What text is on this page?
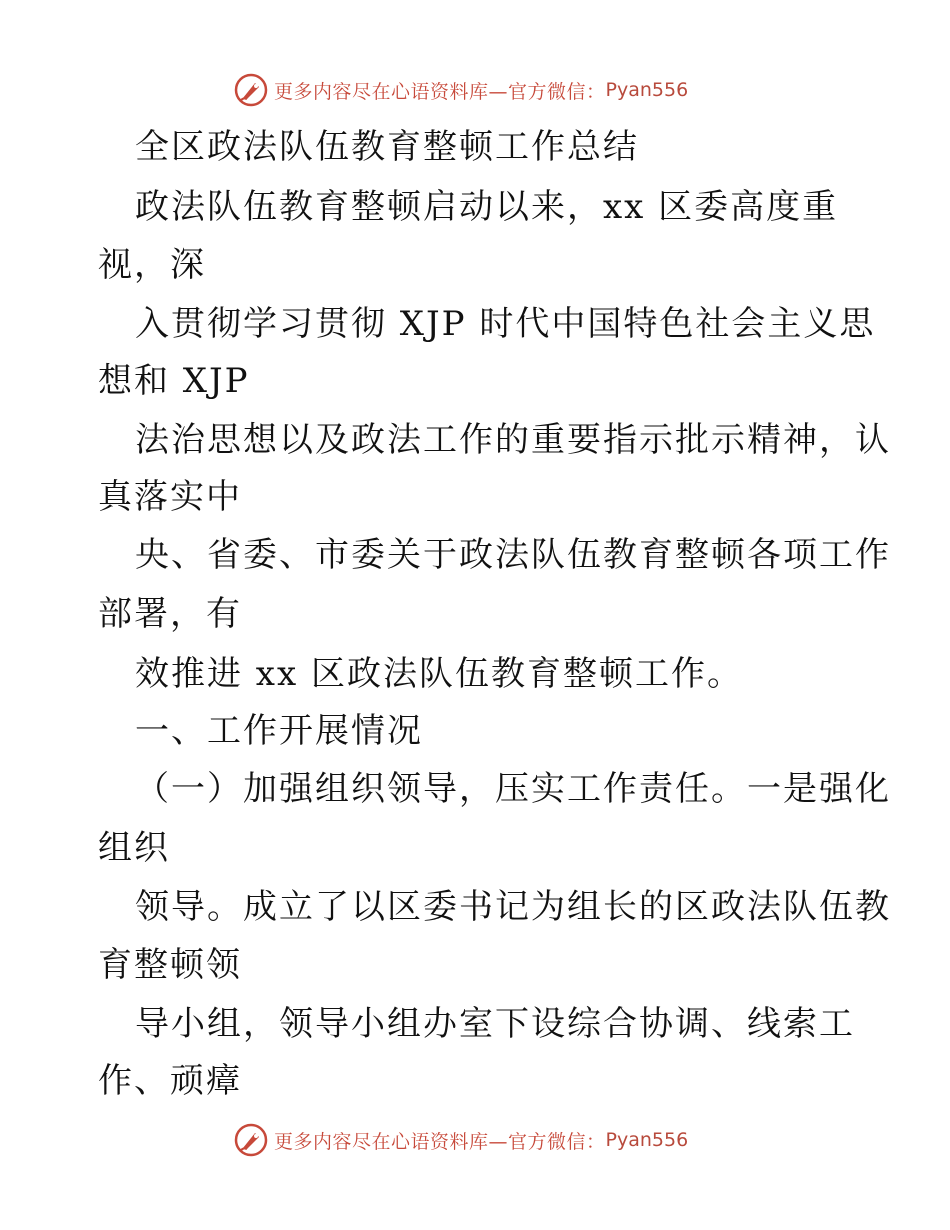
更多内容尽在心语资料库—官方微信： Pyan556
全区政法队伍教育整顿工作总结
政法队伍教育整顿启动以来，xx 区委高度重
视，深
入贯彻学习贯彻 XJP 时代中国特色社会主义思
想和 XJP
法治思想以及政法工作的重要指示批示精神，认
真落实中
央、省委、市委关于政法队伍教育整顿各项工作
部署，有
效推进 xx 区政法队伍教育整顿工作。
一、工作开展情况
（一）加强组织领导，压实工作责任。一是强化
组织
领导。成立了以区委书记为组长的区政法队伍教
育整顿领
导小组，领导小组办室下设综合协调、线索工
作、顽瘴
更多内容尽在心语资料库—官方微信： Pyan556
